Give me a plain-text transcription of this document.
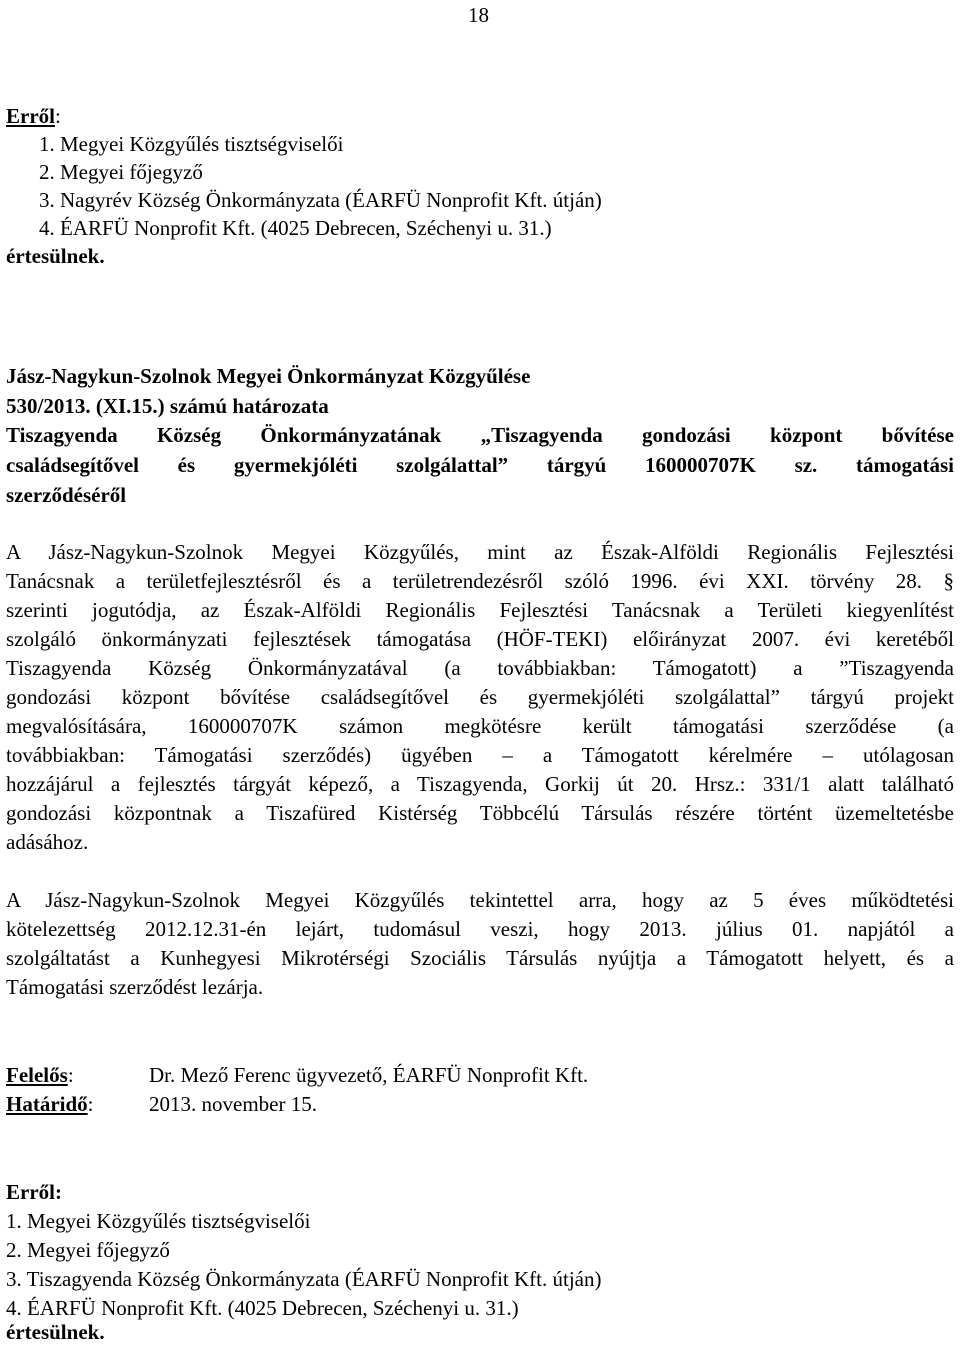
18
Erről:
1. Megyei Közgyűlés tisztségviselői
2. Megyei főjegyző
3. Nagyrév Község Önkormányzata (ÉARFÜ Nonprofit Kft. útján)
4. ÉARFÜ Nonprofit Kft. (4025 Debrecen, Széchenyi u. 31.)
értesülnek.
Jász-Nagykun-Szolnok Megyei Önkormányzat Közgyűlése
530/2013. (XI.15.) számú határozata
Tiszagyenda Község Önkormányzatának „Tiszagyenda gondozási központ bővítése
családsegítővel és gyermekjóléti szolgálattal” tárgyú 160000707K sz. támogatási
szerződéséről
A Jász-Nagykun-Szolnok Megyei Közgyűlés, mint az Észak-Alföldi Regionális Fejlesztési
Tanácsnak a területfejlesztésről és a területrendezésről szóló 1996. évi XXI. törvény 28. §
szerinti jogutódja, az Észak-Alföldi Regionális Fejlesztési Tanácsnak a Területi kiegyenlítést
szolgáló önkormányzati fejlesztések támogatása (HÖF-TEKI) előirányzat 2007. évi keretéből
Tiszagyenda Község Önkormányzatával (a továbbiakban: Támogatott) a ”Tiszagyenda
gondozási központ bővítése családsegítővel és gyermekjóléti szolgálattal” tárgyú projekt
megvalósítására, 160000707K számon megkötésre került támogatási szerződése (a
továbbiakban: Támogatási szerződés) ügyében – a Támogatott kérelmére – utólagosan
hozzájárul a fejlesztés tárgyát képező, a Tiszagyenda, Gorkij út 20. Hrsz.: 331/1 alatt található
gondozási központnak a Tiszafüred Kistérség Többcélú Társulás részére történt üzemeltetésbe
adásához.
A Jász-Nagykun-Szolnok Megyei Közgyűlés tekintettel arra, hogy az 5 éves működtetési
kötelezettség 2012.12.31-én lejárt, tudomásul veszi, hogy 2013. július 01. napjától a
szolgáltatást a Kunhegyesi Mikrotérségi Szociális Társulás nyújtja a Támogatott helyett, és a
Támogatási szerződést lezárja.
Felelős:	Dr. Mező Ferenc ügyvezető, ÉARFÜ Nonprofit Kft.
Határidő:	2013. november 15.
Erről:
1. Megyei Közgyűlés tisztségviselői
2. Megyei főjegyző
3. Tiszagyenda Község Önkormányzata (ÉARFÜ Nonprofit Kft. útján)
4. ÉARFÜ Nonprofit Kft. (4025 Debrecen, Széchenyi u. 31.)
értesülnek.
